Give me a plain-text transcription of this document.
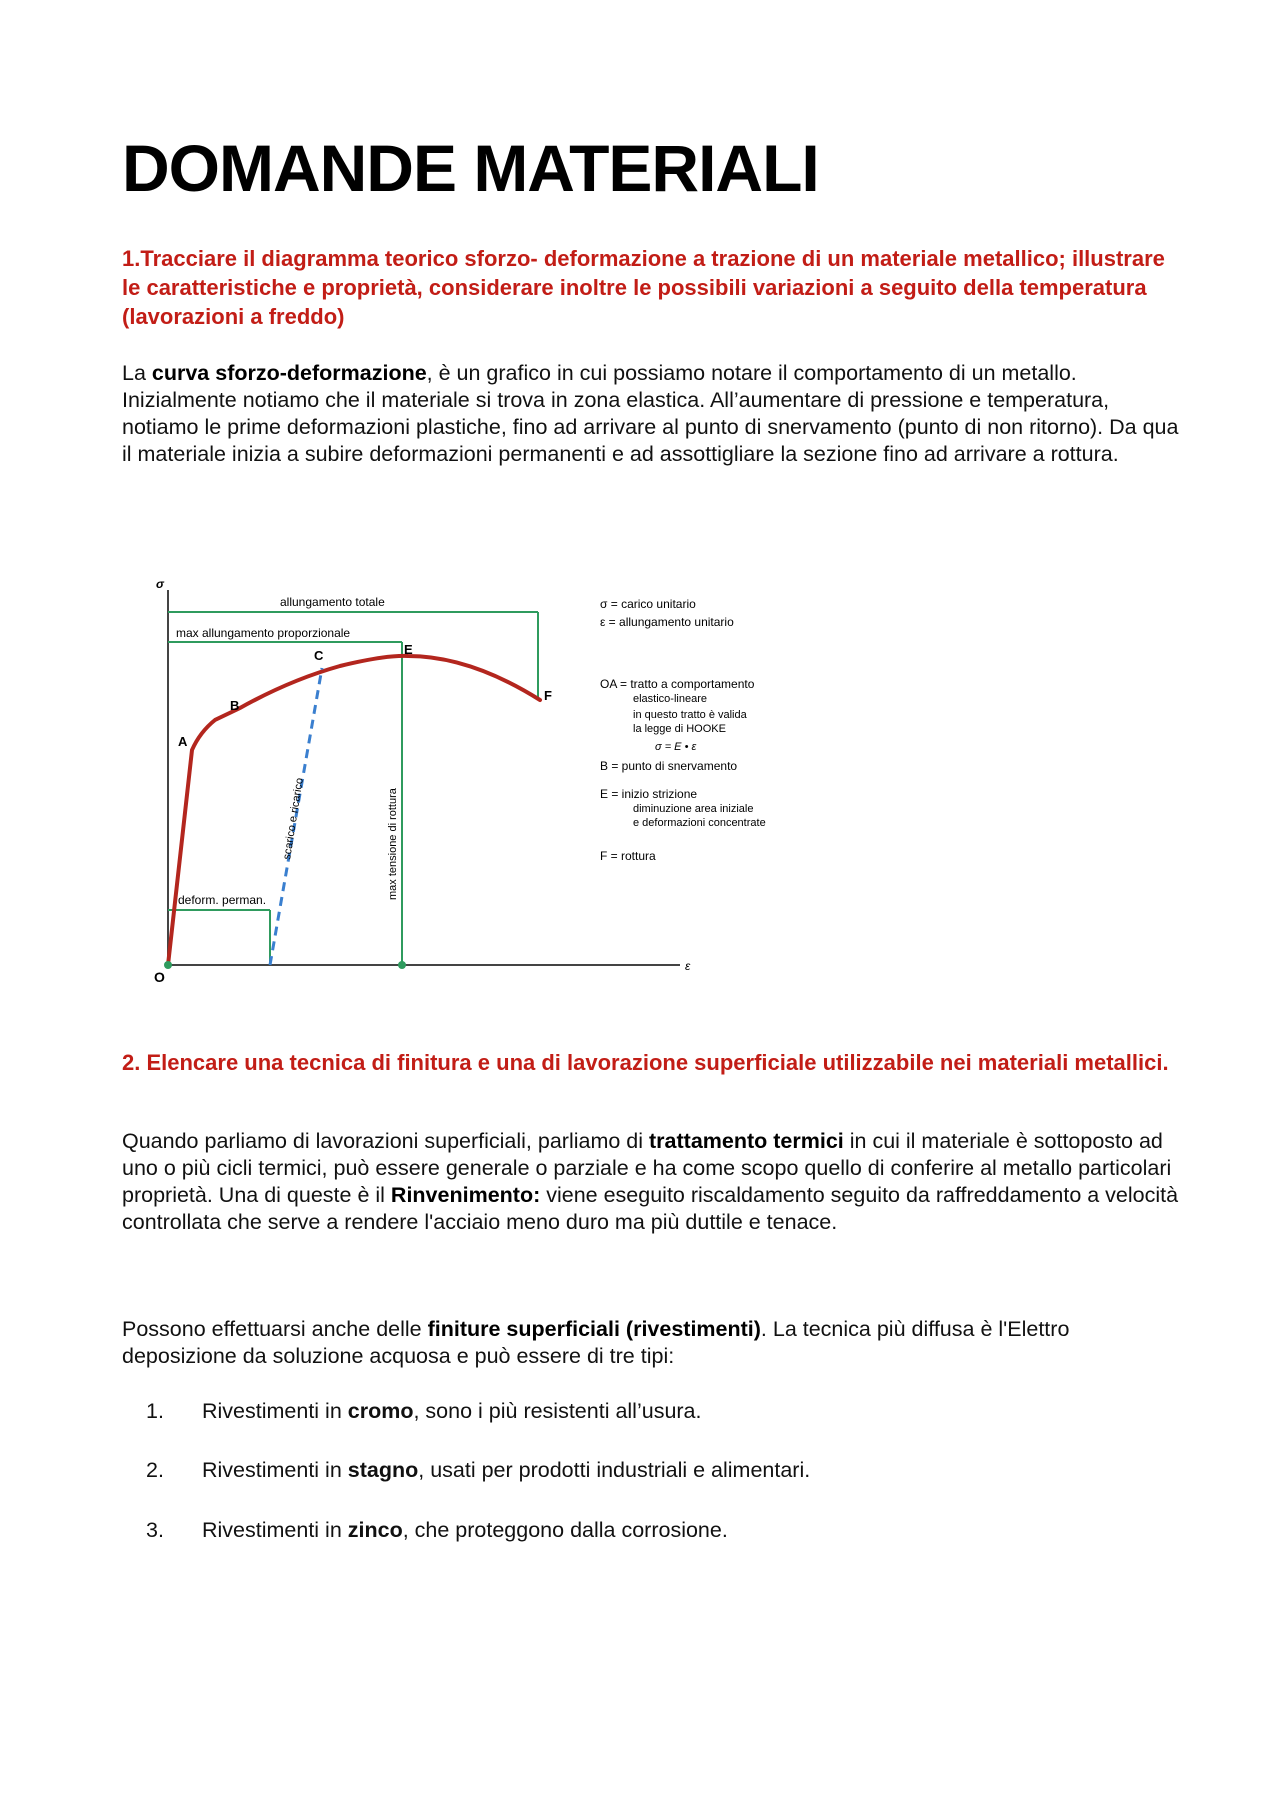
DOMANDE MATERIALI

1.Tracciare il diagramma teorico sforzo- deformazione a trazione di un materiale metallico; illustrare le caratteristiche e proprietà, considerare inoltre le possibili variazioni a seguito della temperatura (lavorazioni a freddo)

La curva sforzo-deformazione, è un grafico in cui possiamo notare il comportamento di un metallo. Inizialmente notiamo che il materiale si trova in zona elastica. All’aumentare di pressione e temperatura, notiamo le prime deformazioni plastiche, fino ad arrivare al punto di snervamento (punto di non ritorno). Da qua il materiale inizia a subire deformazioni permanenti e ad assottigliare la sezione fino ad arrivare a rottura.

σ
ε
O
allungamento totale
max allungamento proporzionale
A
B
C	E
F
scarico e ricarico	max tensione di rottura
deform. perman.
σ = carico unitario
ε = allungamento unitario
OA = tratto a comportamento
elastico-lineare
in questo tratto è valida
la legge di HOOKE
σ = E • ε
B = punto di snervamento
E = inizio strizione
diminuzione area iniziale
e deformazioni concentrate
F = rottura

2. Elencare una tecnica di finitura e una di lavorazione superficiale utilizzabile nei materiali metallici.

Quando parliamo di lavorazioni superficiali, parliamo di trattamento termici in cui il materiale è sottoposto ad uno o più cicli termici, può essere generale o parziale e ha come scopo quello di conferire al metallo particolari proprietà. Una di queste è il Rinvenimento: viene eseguito riscaldamento seguito da raffreddamento a velocità controllata che serve a rendere l'acciaio meno duro ma più duttile e tenace.

Possono effettuarsi anche delle finiture superficiali (rivestimenti). La tecnica più diffusa è l'Elettro deposizione da soluzione acquosa e può essere di tre tipi:

1.	Rivestimenti in cromo, sono i più resistenti all’usura.
2.	Rivestimenti in stagno, usati per prodotti industriali e alimentari.
3.	Rivestimenti in zinco, che proteggono dalla corrosione.
